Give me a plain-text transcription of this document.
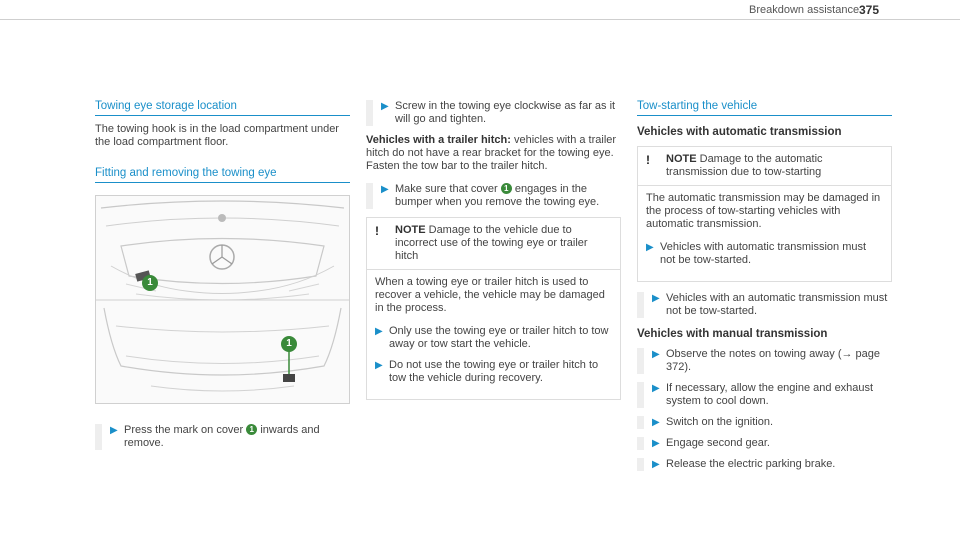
Breakdown assistance 375
Towing eye storage location
The towing hook is in the load compartment under the load compartment floor.
Fitting and removing the towing eye
1
1
▶ Press the mark on cover 1 inwards and remove.
▶ Screw in the towing eye clockwise as far as it will go and tighten.
Vehicles with a trailer hitch: vehicles with a trailer hitch do not have a rear bracket for the towing eye. Fasten the tow bar to the trailer hitch.
▶ Make sure that cover 1 engages in the bumper when you remove the towing eye.
!	NOTE Damage to the vehicle due to incorrect use of the towing eye or trailer hitch
When a towing eye or trailer hitch is used to recover a vehicle, the vehicle may be damaged in the process.
▶ Only use the towing eye or trailer hitch to tow away or tow start the vehicle.
▶ Do not use the towing eye or trailer hitch to tow the vehicle during recovery.
Tow-starting the vehicle
Vehicles with automatic transmission
!	NOTE Damage to the automatic transmission due to tow-starting
The automatic transmission may be damaged in the process of tow-starting vehicles with automatic transmission.
▶ Vehicles with automatic transmission must not be tow-started.
▶ Vehicles with an automatic transmission must not be tow-started.
Vehicles with manual transmission
▶ Observe the notes on towing away (→ page 372).
▶ If necessary, allow the engine and exhaust system to cool down.
▶ Switch on the ignition.
▶ Engage second gear.
▶ Release the electric parking brake.
